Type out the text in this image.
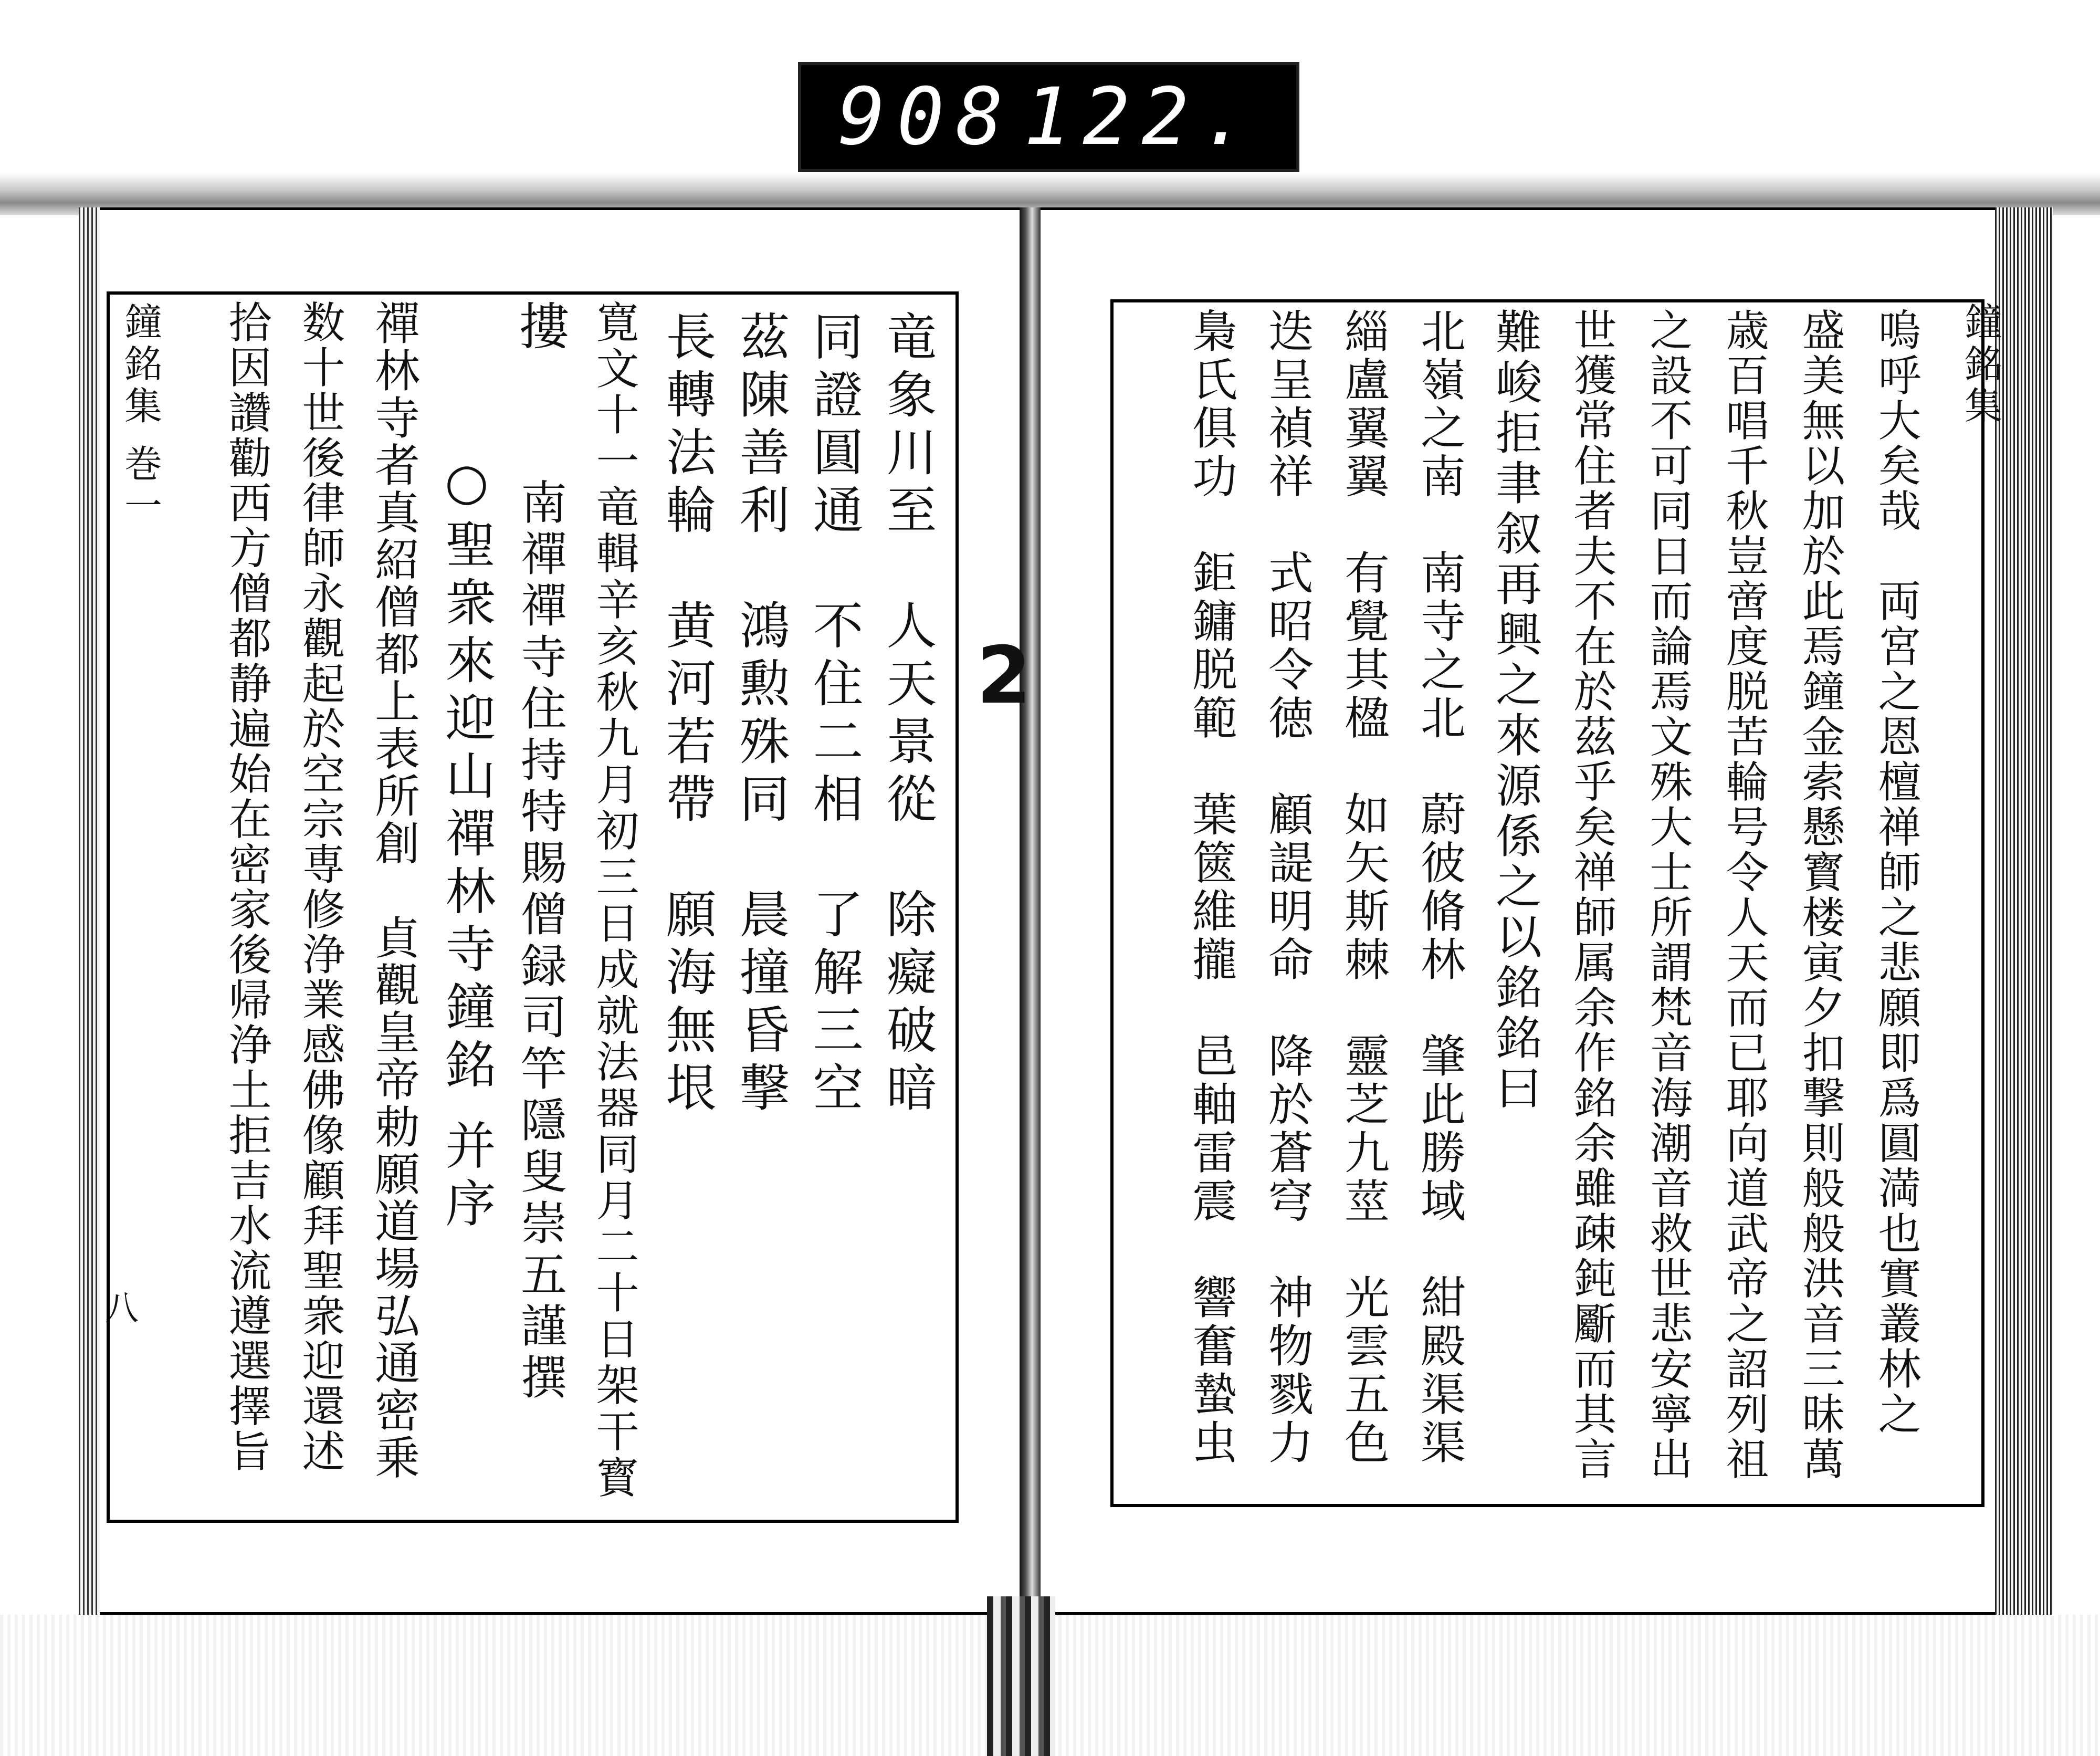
908 122.
鐘銘集 巻一
八
鐘銘集
2
竜象川至　人天景從　除癡破暗
同證圓通　不住二相　了解三空
茲陳善利　鴻勲殊同　晨撞昏撃
長轉法輪　黄河若帶　願海無垠
寛文十一竜輯辛亥秋九月初三日成就法器同月二十日架干寳
摟
南禪禪寺住持特賜僧録司竿隱叟崇五謹撰
○聖衆來迎山禪林寺鐘銘 并序
禪林寺者真紹僧都上表所創　貞觀皇帝勅願道場弘通密乗
数十世後律師永觀起於空宗専修浄業感佛像顧拜聖衆迎還述
拾因讚勸西方僧都静遍始在密家後帰浄土拒吉水流遵選擇旨	嗚呼大矣哉　両宮之恩檀禅師之悲願即爲圓満也實叢林之
盛美無以加於此焉鐘金索懸寳楼寅夕扣撃則般般洪音三昧萬
歳百唱千秋豈啻度脱苦輪号令人天而已耶向道武帝之詔列祖
之設不可同日而論焉文殊大士所謂梵音海潮音救世悲安寧出
世獲常住者夫不在於茲乎矣禅師属余作銘余雖疎鈍斸而其言
難峻拒聿叙再興之來源係之以銘銘曰
北嶺之南　南寺之北　蔚彼脩林　肇此勝域　紺殿渠渠
緇盧翼翼　有覺其楹　如矢斯棘　靈芝九莖　光雲五色
迭呈禎祥　式昭令徳　顧諟明命　降於蒼穹　神物戮力
梟氏俱功　鉅鏞脱範　葉篋維攏　邑軸雷震　響奮蟄虫
